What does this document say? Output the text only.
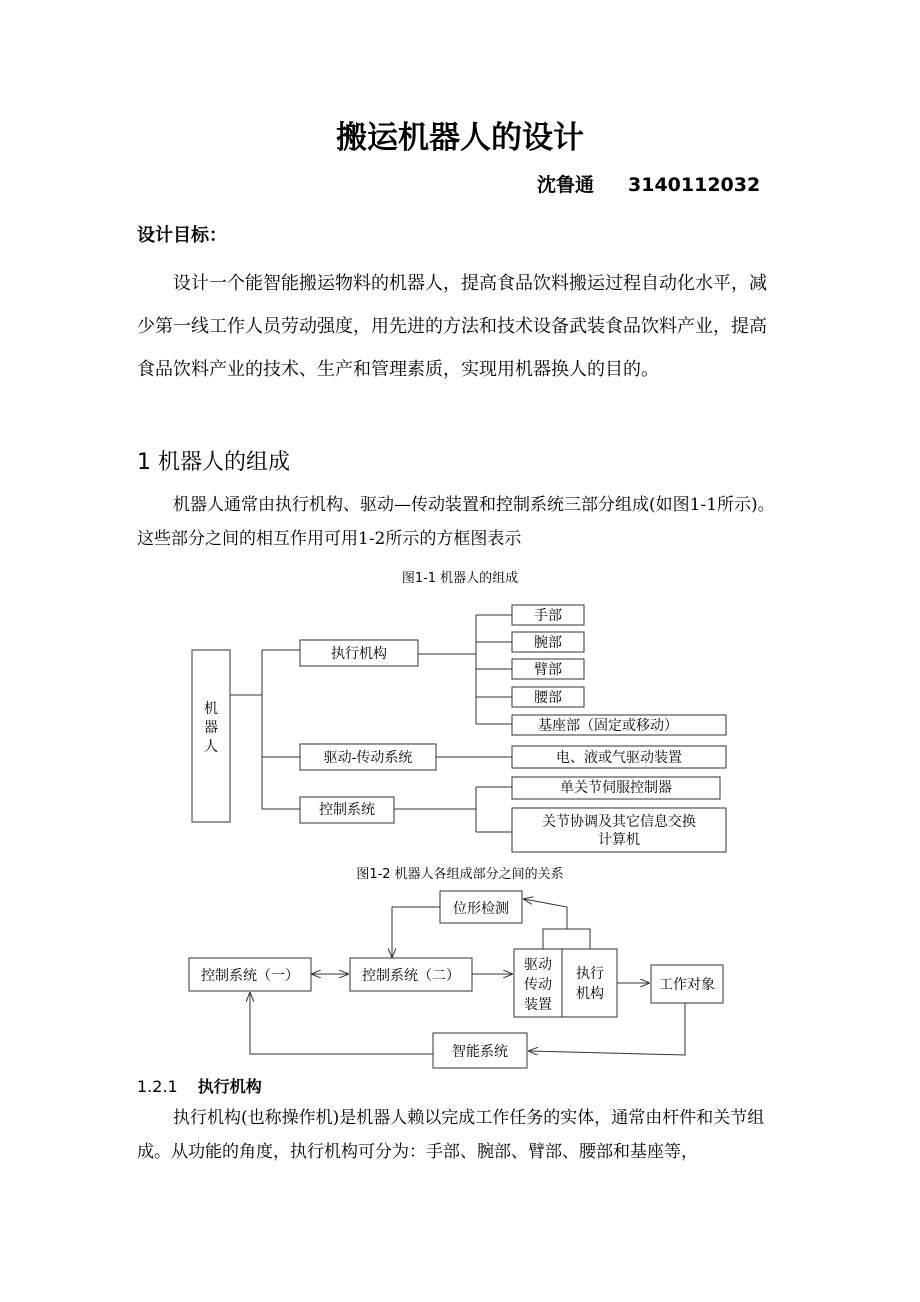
搬运机器人的设计
沈鲁通 3140112032
设计目标：
设计一个能智能搬运物料的机器人，提高食品饮料搬运过程自动化水平，减少第一线工作人员劳动强度，用先进的方法和技术设备武装食品饮料产业，提高食品饮料产业的技术、生产和管理素质，实现用机器换人的目的。
1 机器人的组成
机器人通常由执行机构、驱动—传动装置和控制系统三部分组成(如图1-1所示)。这些部分之间的相互作用可用1-2所示的方框图表示
图1-1 机器人的组成
机
器
人
执行机构
驱动-传动系统
控制系统
手部
腕部
臂部
腰部
基座部（固定或移动）
电、液或气驱动装置
单关节伺服控制器
关节协调及其它信息交换
计算机
图1-2 机器人各组成部分之间的关系
位形检测
控制系统（一）	控制系统（二）
驱动
传动
装置
执行
机构
工作对象
智能系统
1.2.1 执行机构
执行机构(也称操作机)是机器人赖以完成工作任务的实体，通常由杆件和关节组成。从功能的角度，执行机构可分为：手部、腕部、臂部、腰部和基座等，
